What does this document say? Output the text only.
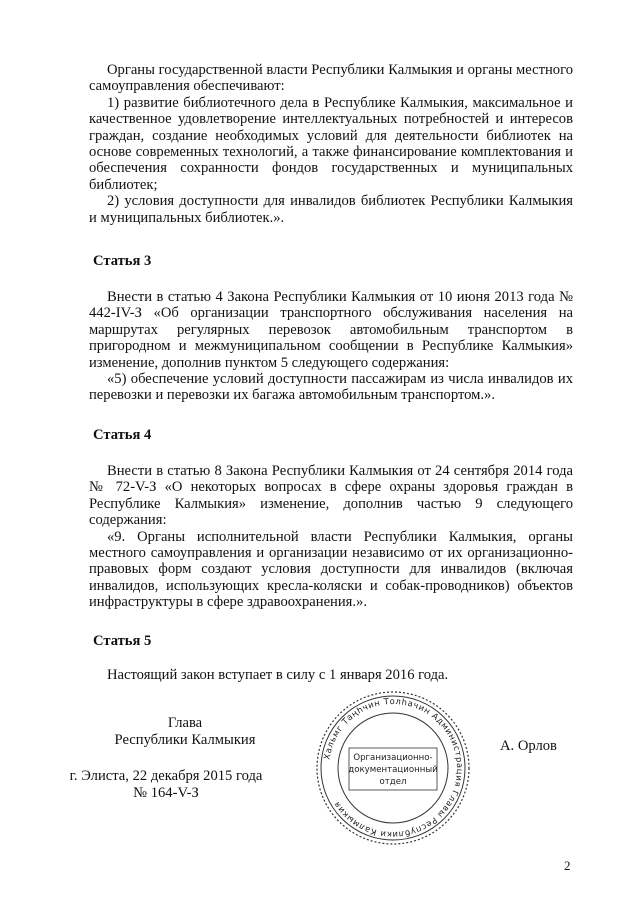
Органы государственной власти Республики Калмыкия и органы местного самоуправления обеспечивают:

1) развитие библиотечного дела в Республике Калмыкия, максимальное и качественное удовлетворение интеллектуальных потребностей и интересов граждан, создание необходимых условий для деятельности библиотек на основе современных технологий, а также финансирование комплектования и обеспечения сохранности фондов государственных и муниципальных библиотек;

2) условия доступности для инвалидов библиотек Республики Калмыкия и муниципальных библиотек.».

Статья 3

Внести в статью 4 Закона Республики Калмыкия от 10 июня 2013 года № 442-IV-З «Об организации транспортного обслуживания населения на маршрутах регулярных перевозок автомобильным транспортом в пригородном и межмуниципальном сообщении в Республике Калмыкия» изменение, дополнив пунктом 5 следующего содержания:

«5) обеспечение условий доступности пассажирам из числа инвалидов их перевозки и перевозки их багажа автомобильным транспортом.».

Статья 4

Внести в статью 8 Закона Республики Калмыкия от 24 сентября 2014 года № 72-V-З «О некоторых вопросах в сфере охраны здоровья граждан в Республике Калмыкия» изменение, дополнив частью 9 следующего содержания:

«9. Органы исполнительной власти Республики Калмыкия, органы местного самоуправления и организации независимо от их организационно-правовых форм создают условия доступности для инвалидов (включая инвалидов, использующих кресла-коляски и собак-проводников) объектов инфраструктуры в сфере здравоохранения.».

Статья 5

Настоящий закон вступает в силу с 1 января 2016 года.

Глава
Республики Калмыкия
г. Элиста, 22 декабря 2015 года
№ 164-V-З
Хальмг Таңһчин Толһачин Администрация Главы Республики Калмыкия
Организационно-
документационный
отдел
А. Орлов
2
